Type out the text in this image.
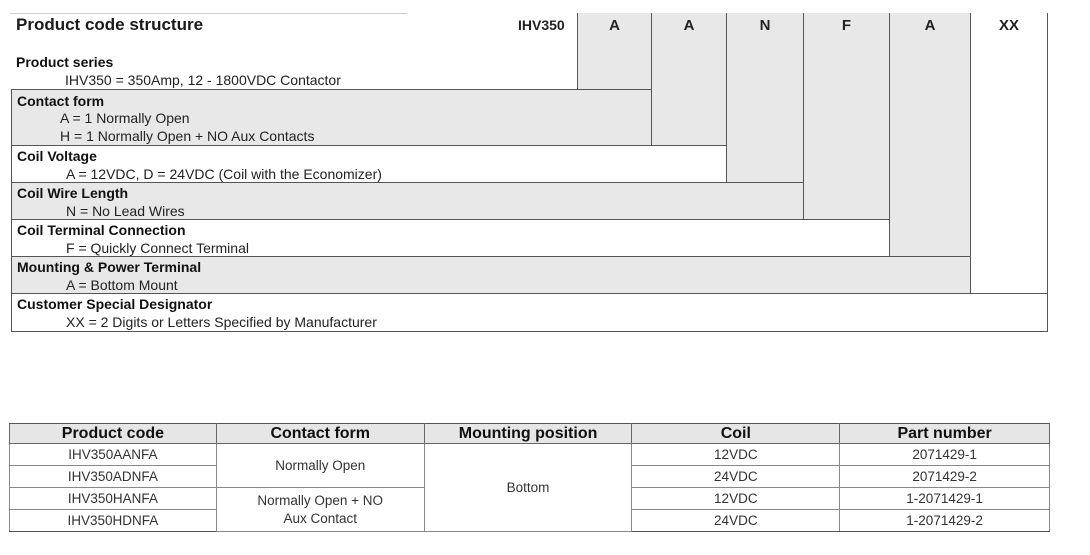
Product code structure	IHV350	A	A	N	F	A	XX
Product series
IHV350 = 350Amp, 12 - 1800VDC Contactor
Contact form
A = 1 Normally Open
H = 1 Normally Open + NO Aux Contacts
Coil Voltage
A = 12VDC, D = 24VDC (Coil with the Economizer)
Coil Wire Length
N = No Lead Wires
Coil Terminal Connection
F = Quickly Connect Terminal
Mounting & Power Terminal
A = Bottom Mount
Customer Special Designator
XX = 2 Digits or Letters Specified by Manufacturer
Product code	Contact form	Mounting position	Coil	Part number
IHV350AANFA	Normally Open	Bottom	12VDC	2071429-1
IHV350ADNFA			24VDC	2071429-2
IHV350HANFA	Normally Open + NO Aux Contact		12VDC	1-2071429-1
IHV350HDNFA			24VDC	1-2071429-2
